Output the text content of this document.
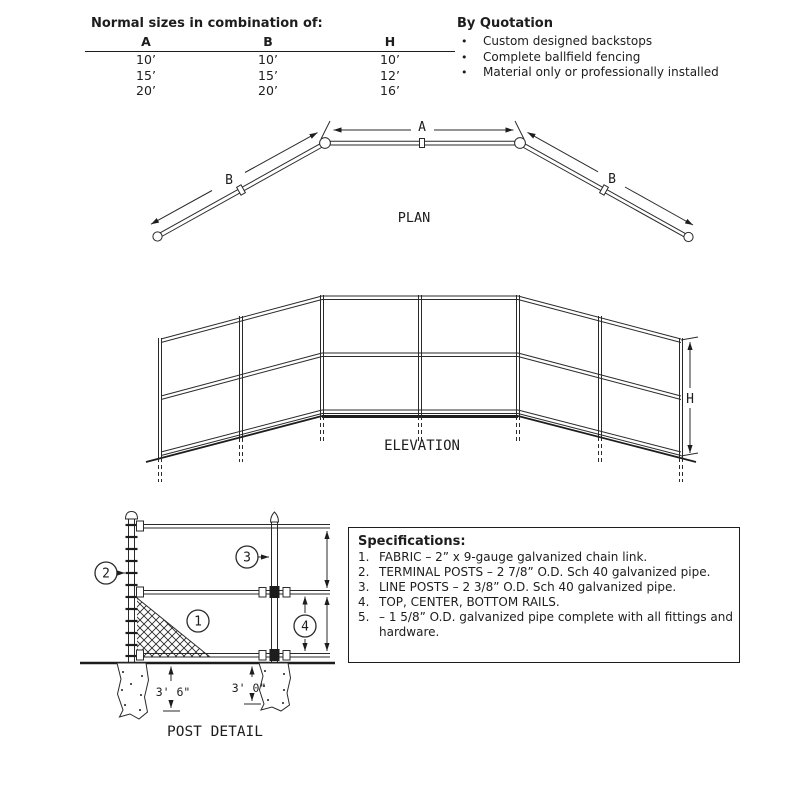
Normal sizes in combination of:
A	B	H
10’	10’	10’
15’	15’	12’
20’	20’	16’
By Quotation
•	Custom designed backstops
•	Complete ballfield fencing
•	Material only or professionally installed
A
B	B
PLAN
H
ELEVATION
1
2
3
4
3' 6"	3' 0"
POST DETAIL
Specifications:
1. FABRIC – 2” x 9-gauge galvanized chain link.
2. TERMINAL POSTS – 2 7/8” O.D. Sch 40 galvanized pipe.
3. LINE POSTS – 2 3/8” O.D. Sch 40 galvanized pipe.
4. TOP, CENTER, BOTTOM RAILS.
5. – 1 5/8” O.D. galvanized pipe complete with all fittings and hardware.
